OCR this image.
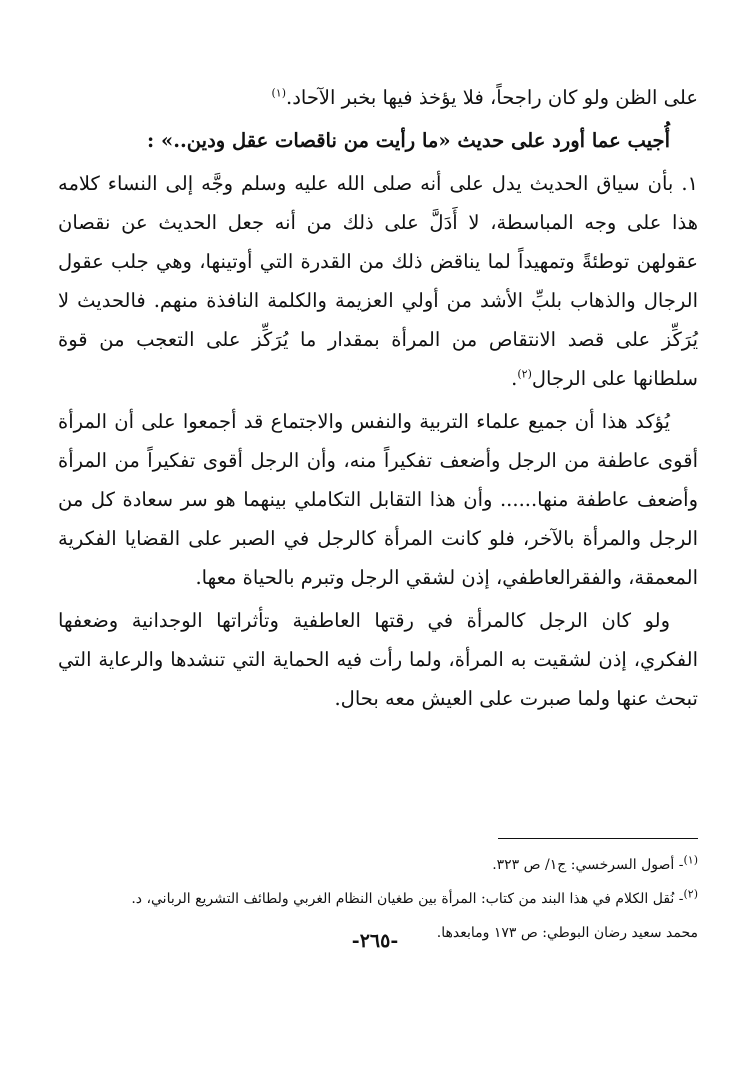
على الظن ولو كان راجحاً، فلا يؤخذ فيها بخبر الآحاد.$^{(١)}$

أُجيب عما أورد على حديث «ما رأيت من ناقصات عقل ودين..» :

١. بأن سياق الحديث يدل على أنه صلى الله عليه وسلم وجَّه إلى النساء كلامه هذا على وجه المباسطة، لا أَدَلَّ على ذلك من أنه جعل الحديث عن نقصان عقولهن توطئةً وتمهيداً لما يناقض ذلك من القدرة التي أوتينها، وهي جلب عقول الرجال والذهاب بلبِّ الأشد من أولي العزيمة والكلمة النافذة منهم. فالحديث لا يُرَكِّز على قصد الانتقاص من المرأة بمقدار ما يُرَكِّز على التعجب من قوة سلطانها على الرجال$^{(٢)}$.

يُؤكد هذا أن جميع علماء التربية والنفس والاجتماع قد أجمعوا على أن المرأة أقوى عاطفة من الرجل وأضعف تفكيراً منه، وأن الرجل أقوى تفكيراً من المرأة وأضعف عاطفة منها...... وأن هذا التقابل التكاملي بينهما هو سر سعادة كل من الرجل والمرأة بالآخر، فلو كانت المرأة كالرجل في الصبر على القضايا الفكرية المعمقة، والفقرالعاطفي، إذن لشقي الرجل وتبرم بالحياة معها.

ولو كان الرجل كالمرأة في رقتها العاطفية وتأثراتها الوجدانية وضعفها الفكري، إذن لشقيت به المرأة، ولما رأت فيه الحماية التي تنشدها والرعاية التي تبحث عنها ولما صبرت على العيش معه بحال.

$^{(١)}$- أصول السرخسي: ج١/ ص ٣٢٣.

$^{(٢)}$- نُقل الكلام في هذا البند من كتاب: المرأة بين طغيان النظام الغربي ولطائف التشريع الرباني، د.

محمد سعيد رضان البوطي: ص ١٧٣ ومابعدها.

-٢٦٥-
